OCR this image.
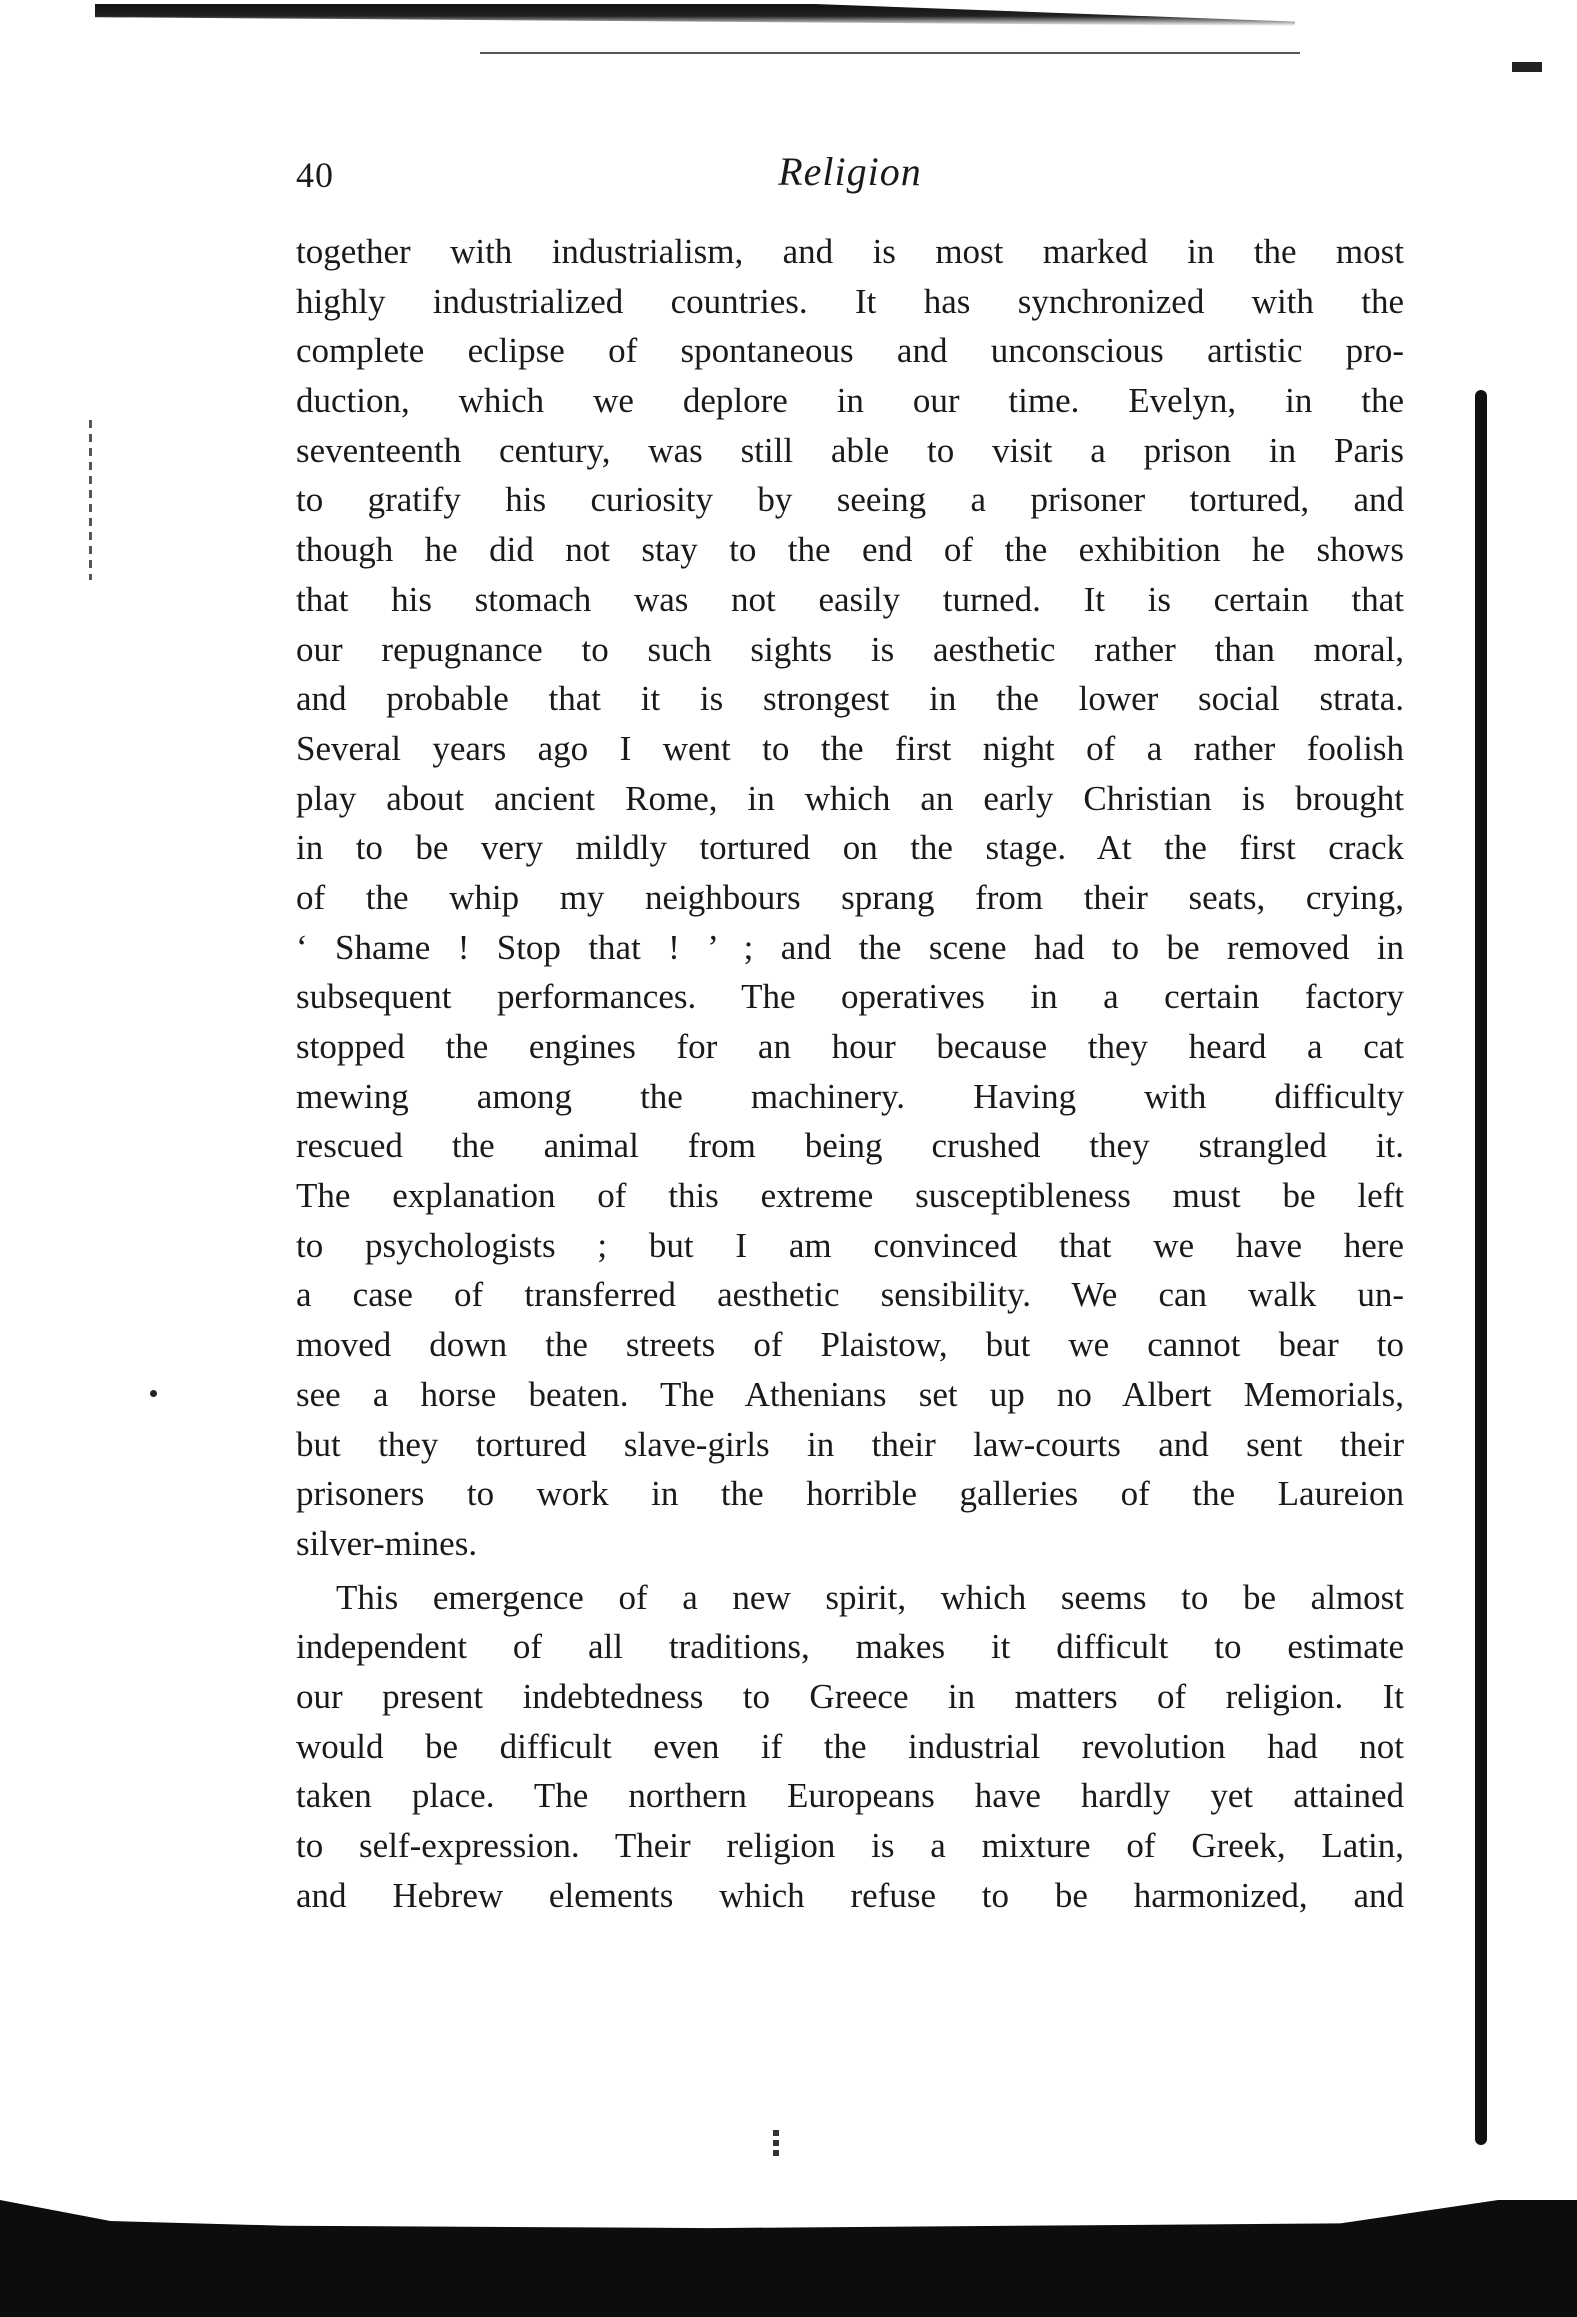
40	Religion
together with industrialism, and is most marked in the most
highly industrialized countries. It has synchronized with the
complete eclipse of spontaneous and unconscious artistic pro-
duction, which we deplore in our time. Evelyn, in the
seventeenth century, was still able to visit a prison in Paris
to gratify his curiosity by seeing a prisoner tortured, and
though he did not stay to the end of the exhibition he shows
that his stomach was not easily turned. It is certain that
our repugnance to such sights is aesthetic rather than moral,
and probable that it is strongest in the lower social strata.
Several years ago I went to the first night of a rather foolish
play about ancient Rome, in which an early Christian is brought
in to be very mildly tortured on the stage. At the first crack
of the whip my neighbours sprang from their seats, crying,
‘ Shame ! Stop that ! ’ ; and the scene had to be removed in
subsequent performances. The operatives in a certain factory
stopped the engines for an hour because they heard a cat
mewing among the machinery. Having with difficulty
rescued the animal from being crushed they strangled it.
The explanation of this extreme susceptibleness must be left
to psychologists ; but I am convinced that we have here
a case of transferred aesthetic sensibility. We can walk un-
moved down the streets of Plaistow, but we cannot bear to
see a horse beaten. The Athenians set up no Albert Memorials,
but they tortured slave-girls in their law-courts and sent their
prisoners to work in the horrible galleries of the Laureion
silver-mines.
This emergence of a new spirit, which seems to be almost
independent of all traditions, makes it difficult to estimate
our present indebtedness to Greece in matters of religion. It
would be difficult even if the industrial revolution had not
taken place. The northern Europeans have hardly yet attained
to self-expression. Their religion is a mixture of Greek, Latin,
and Hebrew elements which refuse to be harmonized, and
